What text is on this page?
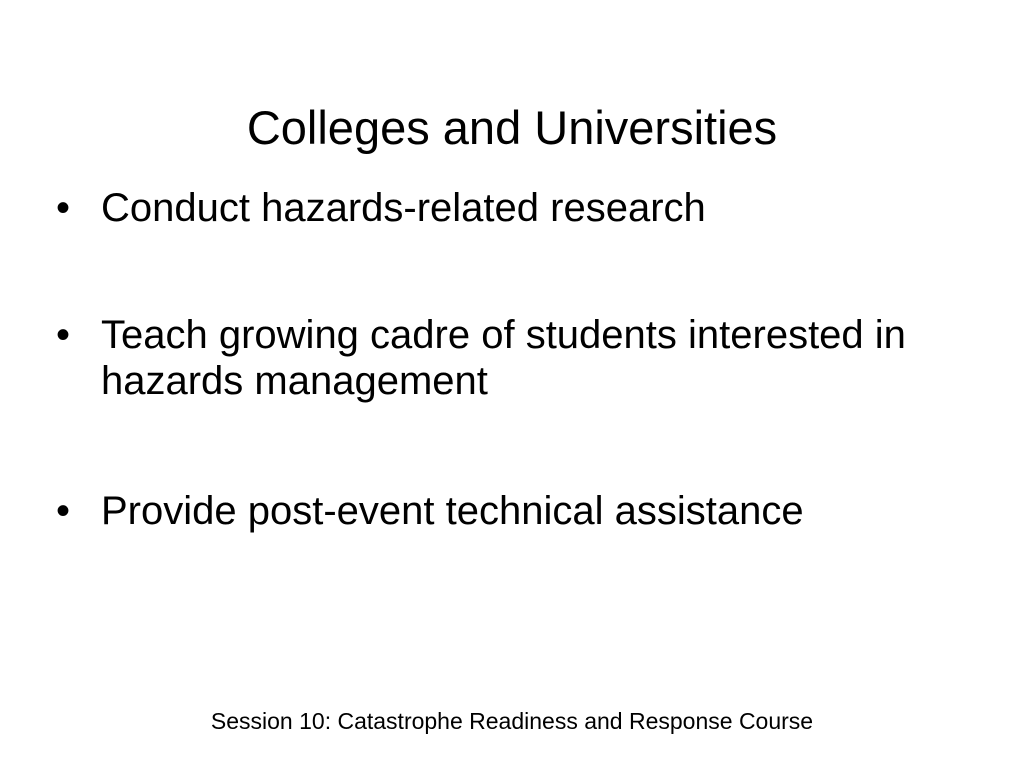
Colleges and Universities
• Conduct hazards-related research
• Teach growing cadre of students interested in hazards management
• Provide post-event technical assistance
Session 10: Catastrophe Readiness and Response Course
